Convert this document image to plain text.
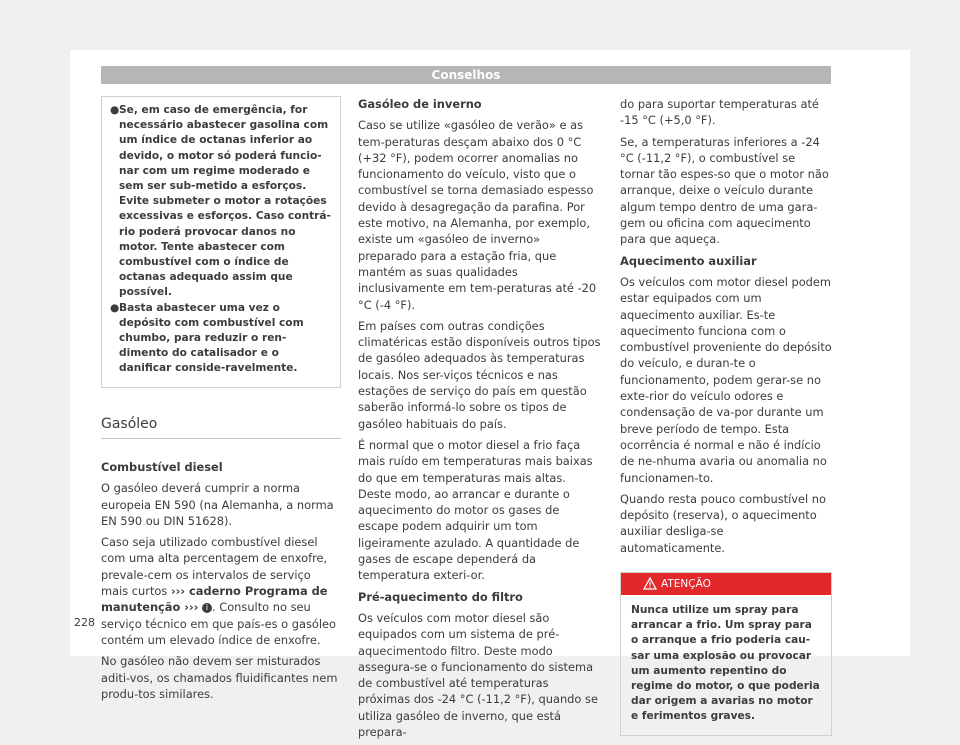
Conselhos
● Se, em caso de emergência, for necessário abastecer gasolina com um índice de octanas inferior ao devido, o motor só poderá funcio-nar com um regime moderado e sem ser sub-metido a esforços. Evite submeter o motor a rotações excessivas e esforços. Caso contrá-rio poderá provocar danos no motor. Tente abastecer com combustível com o índice de octanas adequado assim que possível.
● Basta abastecer uma vez o depósito com combustível com chumbo, para reduzir o ren-dimento do catalisador e o danificar conside-ravelmente.
Gasóleo

Combustível diesel

O gasóleo deverá cumprir a norma europeia EN 590 (na Alemanha, a norma EN 590 ou DIN 51628).

Caso seja utilizado combustível diesel com uma alta percentagem de enxofre, prevale-cem os intervalos de serviço mais curtos ››› caderno Programa de manutenção ››› i . Consulto no seu serviço técnico em que país-es o gasóleo contém um elevado índice de enxofre.

No gasóleo não devem ser misturados aditi-vos, os chamados fluidificantes nem produ-tos similares.

Gasóleo de inverno

Caso se utilize «gasóleo de verão» e as tem-peraturas desçam abaixo dos 0 °C (+32 °F), podem ocorrer anomalias no funcionamento do veículo, visto que o combustível se torna demasiado espesso devido à desagregação da parafina. Por este motivo, na Alemanha, por exemplo, existe um «gasóleo de inverno» preparado para a estação fria, que mantém as suas qualidades inclusivamente em tem-peraturas até -20 °C (-4 °F).

Em países com outras condições climatéricas estão disponíveis outros tipos de gasóleo adequados às temperaturas locais. Nos ser-viços técnicos e nas estações de serviço do país em questão saberão informá-lo sobre os tipos de gasóleo habituais do país.

É normal que o motor diesel a frio faça mais ruído em temperaturas mais baixas do que em temperaturas mais altas. Deste modo, ao arrancar e durante o aquecimento do motor os gases de escape podem adquirir um tom ligeiramente azulado. A quantidade de gases de escape dependerá da temperatura exteri-or.

Pré-aquecimento do filtro

Os veículos com motor diesel são equipados com um sistema de pré-aquecimentodo filtro. Deste modo assegura-se o funcionamento do sistema de combustível até temperaturas próximas dos -24 °C (-11,2 °F), quando se utiliza gasóleo de inverno, que está prepara-

do para suportar temperaturas até -15 °C (+5,0 °F).

Se, a temperaturas inferiores a -24 °C (-11,2 °F), o combustível se tornar tão espes-so que o motor não arranque, deixe o veículo durante algum tempo dentro de uma gara-gem ou oficina com aquecimento para que aqueça.

Aquecimento auxiliar

Os veículos com motor diesel podem estar equipados com um aquecimento auxiliar. Es-te aquecimento funciona com o combustível proveniente do depósito do veículo, e duran-te o funcionamento, podem gerar-se no exte-rior do veículo odores e condensação de va-por durante um breve período de tempo. Esta ocorrência é normal e não é indício de ne-nhuma avaria ou anomalia no funcionamen-to.

Quando resta pouco combustível no depósito (reserva), o aquecimento auxiliar desliga-se automaticamente.

ATENÇÃO
Nunca utilize um spray para arrancar a frio. Um spray para o arranque a frio poderia cau-sar uma explosão ou provocar um aumento repentino do regime do motor, o que poderia dar origem a avarias no motor e ferimentos graves.
228
